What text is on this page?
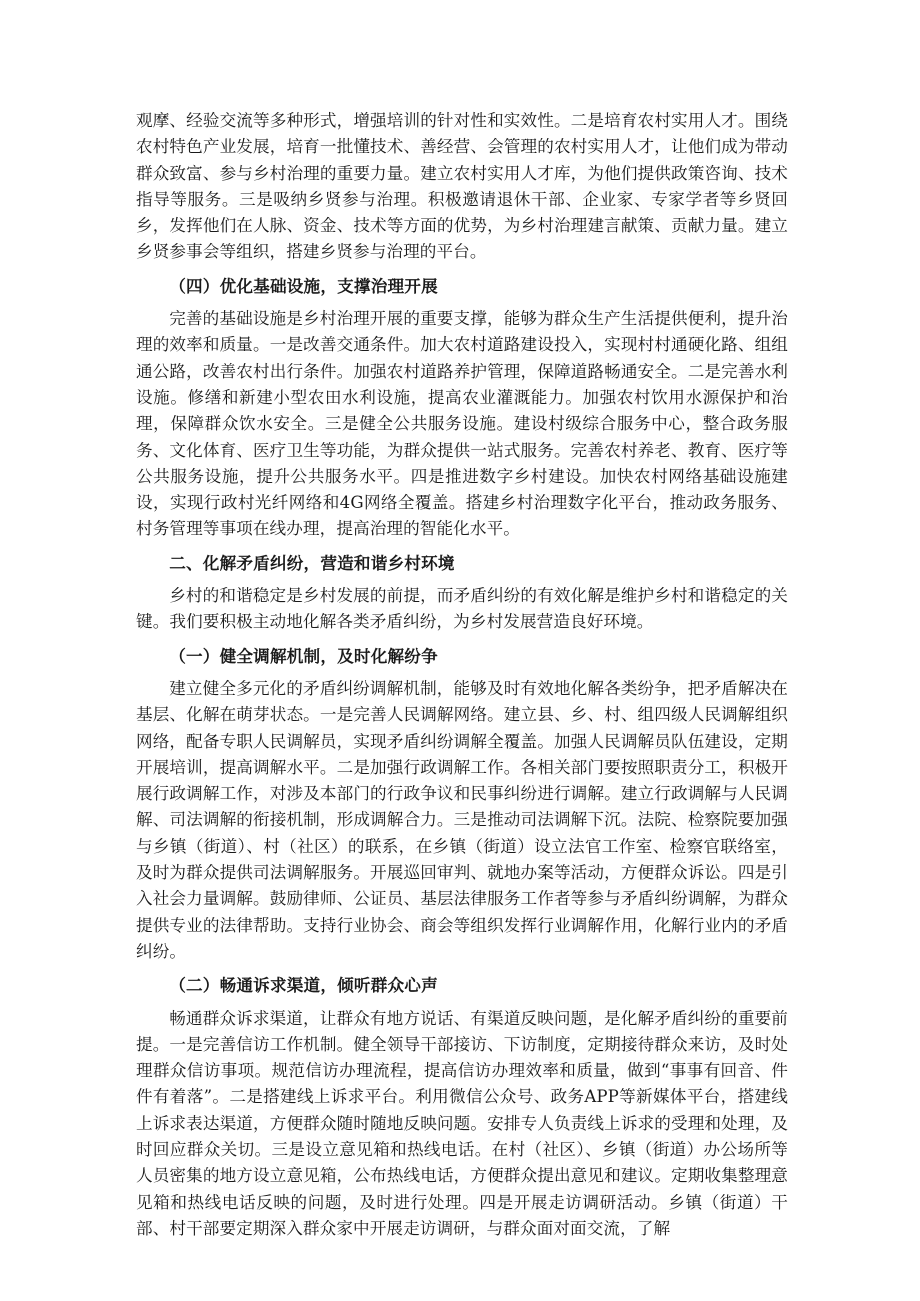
观摩、经验交流等多种形式，增强培训的针对性和实效性。二是培育农村实用人才。围绕农村特色产业发展，培育一批懂技术、善经营、会管理的农村实用人才，让他们成为带动群众致富、参与乡村治理的重要力量。建立农村实用人才库，为他们提供政策咨询、技术指导等服务。三是吸纳乡贤参与治理。积极邀请退休干部、企业家、专家学者等乡贤回乡，发挥他们在人脉、资金、技术等方面的优势，为乡村治理建言献策、贡献力量。建立乡贤参事会等组织，搭建乡贤参与治理的平台。

（四）优化基础设施，支撑治理开展

完善的基础设施是乡村治理开展的重要支撑，能够为群众生产生活提供便利，提升治理的效率和质量。一是改善交通条件。加大农村道路建设投入，实现村村通硬化路、组组通公路，改善农村出行条件。加强农村道路养护管理，保障道路畅通安全。二是完善水利设施。修缮和新建小型农田水利设施，提高农业灌溉能力。加强农村饮用水源保护和治理，保障群众饮水安全。三是健全公共服务设施。建设村级综合服务中心，整合政务服务、文化体育、医疗卫生等功能，为群众提供一站式服务。完善农村养老、教育、医疗等公共服务设施，提升公共服务水平。四是推进数字乡村建设。加快农村网络基础设施建设，实现行政村光纤网络和4G网络全覆盖。搭建乡村治理数字化平台，推动政务服务、村务管理等事项在线办理，提高治理的智能化水平。

二、化解矛盾纠纷，营造和谐乡村环境

乡村的和谐稳定是乡村发展的前提，而矛盾纠纷的有效化解是维护乡村和谐稳定的关键。我们要积极主动地化解各类矛盾纠纷，为乡村发展营造良好环境。

（一）健全调解机制，及时化解纷争

建立健全多元化的矛盾纠纷调解机制，能够及时有效地化解各类纷争，把矛盾解决在基层、化解在萌芽状态。一是完善人民调解网络。建立县、乡、村、组四级人民调解组织网络，配备专职人民调解员，实现矛盾纠纷调解全覆盖。加强人民调解员队伍建设，定期开展培训，提高调解水平。二是加强行政调解工作。各相关部门要按照职责分工，积极开展行政调解工作，对涉及本部门的行政争议和民事纠纷进行调解。建立行政调解与人民调解、司法调解的衔接机制，形成调解合力。三是推动司法调解下沉。法院、检察院要加强与乡镇（街道）、村（社区）的联系，在乡镇（街道）设立法官工作室、检察官联络室，及时为群众提供司法调解服务。开展巡回审判、就地办案等活动，方便群众诉讼。四是引入社会力量调解。鼓励律师、公证员、基层法律服务工作者等参与矛盾纠纷调解，为群众提供专业的法律帮助。支持行业协会、商会等组织发挥行业调解作用，化解行业内的矛盾纠纷。

（二）畅通诉求渠道，倾听群众心声

畅通群众诉求渠道，让群众有地方说话、有渠道反映问题，是化解矛盾纠纷的重要前提。一是完善信访工作机制。健全领导干部接访、下访制度，定期接待群众来访，及时处理群众信访事项。规范信访办理流程，提高信访办理效率和质量，做到“事事有回音、件件有着落”。二是搭建线上诉求平台。利用微信公众号、政务APP等新媒体平台，搭建线上诉求表达渠道，方便群众随时随地反映问题。安排专人负责线上诉求的受理和处理，及时回应群众关切。三是设立意见箱和热线电话。在村（社区）、乡镇（街道）办公场所等人员密集的地方设立意见箱，公布热线电话，方便群众提出意见和建议。定期收集整理意见箱和热线电话反映的问题，及时进行处理。四是开展走访调研活动。乡镇（街道）干部、村干部要定期深入群众家中开展走访调研，与群众面对面交流，了解
